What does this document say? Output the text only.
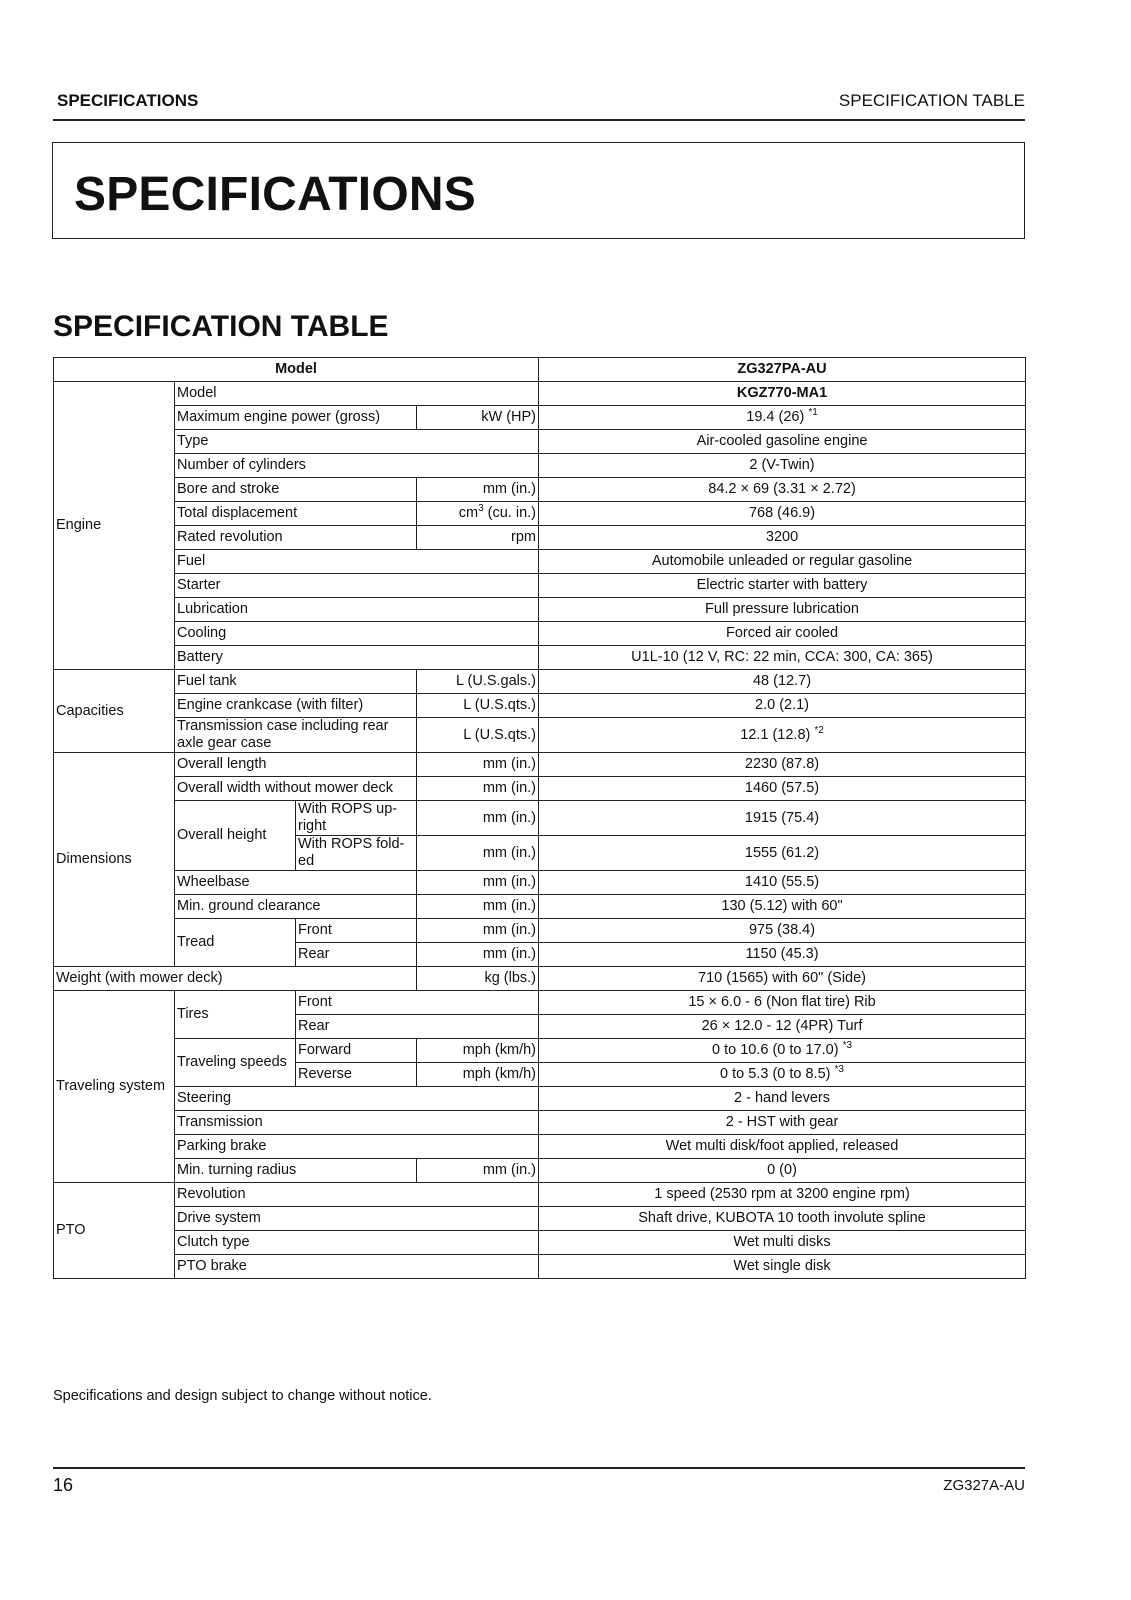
SPECIFICATIONS	SPECIFICATION TABLE
SPECIFICATIONS
SPECIFICATION TABLE
Model				ZG327PA-AU
Engine	Model			KGZ770-MA1
	Maximum engine power (gross)		kW (HP)	19.4 (26) $^{*1}$
	Type			Air-cooled gasoline engine
	Number of cylinders			2 (V-Twin)
	Bore and stroke		mm (in.)	84.2 × 69 (3.31 × 2.72)
	Total displacement		$cm^3$ (cu. in.)	768 (46.9)
	Rated revolution		rpm	3200
	Fuel			Automobile unleaded or regular gasoline
	Starter			Electric starter with battery
	Lubrication			Full pressure lubrication
	Cooling			Forced air cooled
	Battery			U1L-10 (12 V, RC: 22 min, CCA: 300, CA: 365)
Capacities	Fuel tank		L (U.S.gals.)	48 (12.7)
	Engine crankcase (with filter)		L (U.S.qts.)	2.0 (2.1)
	Transmission case including rear axle gear case		L (U.S.qts.)	12.1 (12.8) $^{*2}$
Dimensions	Overall length		mm (in.)	2230 (87.8)
	Overall width without mower deck		mm (in.)	1460 (57.5)
	Overall height	With ROPS up-right	mm (in.)	1915 (75.4)
		With ROPS fold-ed	mm (in.)	1555 (61.2)
	Wheelbase		mm (in.)	1410 (55.5)
	Min. ground clearance		mm (in.)	130 (5.12) with 60"
	Tread	Front	mm (in.)	975 (38.4)
		Rear	mm (in.)	1150 (45.3)
Weight (with mower deck)			kg (lbs.)	710 (1565) with 60" (Side)
Traveling system	Tires	Front		15 × 6.0 - 6 (Non flat tire) Rib
		Rear		26 × 12.0 - 12 (4PR) Turf
	Traveling speeds	Forward	mph (km/h)	0 to 10.6 (0 to 17.0) $^{*3}$
		Reverse	mph (km/h)	0 to 5.3 (0 to 8.5) $^{*3}$
	Steering			2 - hand levers
	Transmission			2 - HST with gear
	Parking brake			Wet multi disk/foot applied, released
	Min. turning radius		mm (in.)	0 (0)
PTO	Revolution			1 speed (2530 rpm at 3200 engine rpm)
	Drive system			Shaft drive, KUBOTA 10 tooth involute spline
	Clutch type			Wet multi disks
	PTO brake			Wet single disk
Specifications and design subject to change without notice.
16	ZG327A-AU
